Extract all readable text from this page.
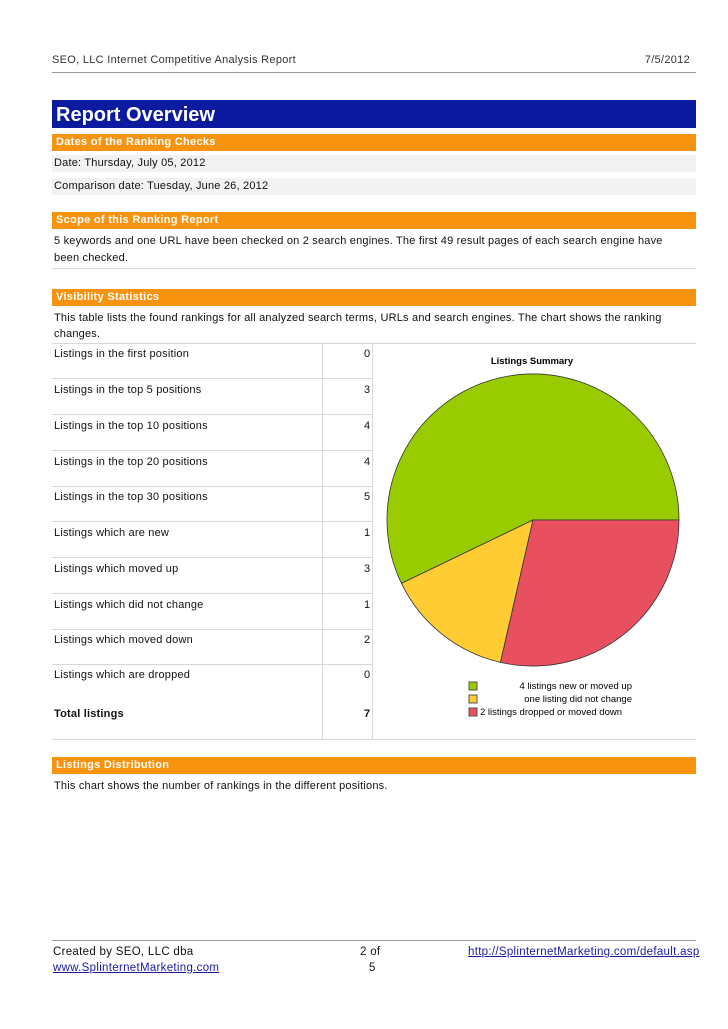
SEO, LLC Internet Competitive Analysis Report	7/5/2012
Report Overview
Dates of the Ranking Checks
Date: Thursday, July 05, 2012
Comparison date: Tuesday, June 26, 2012
Scope of this Ranking Report
5 keywords and one URL have been checked on 2 search engines. The first 49 result pages of each search engine have
been checked.
Visibility Statistics
This table lists the found rankings for all analyzed search terms, URLs and search engines. The chart shows the ranking
changes.
Listings in the first position	0
Listings in the top 5 positions	3
Listings in the top 10 positions	4
Listings in the top 20 positions	4
Listings in the top 30 positions	5
Listings which are new	1
Listings which moved up	3
Listings which did not change	1
Listings which moved down	2
Listings which are dropped	0
Total listings	7
Listings Summary
4 listings new or moved up
one listing did not change
2 listings dropped or moved down
Listings Distribution
This chart shows the number of rankings in the different positions.
Created by SEO, LLC dba
www.SplinternetMarketing.com
2 of
5
http://SplinternetMarketing.com/default.asp
